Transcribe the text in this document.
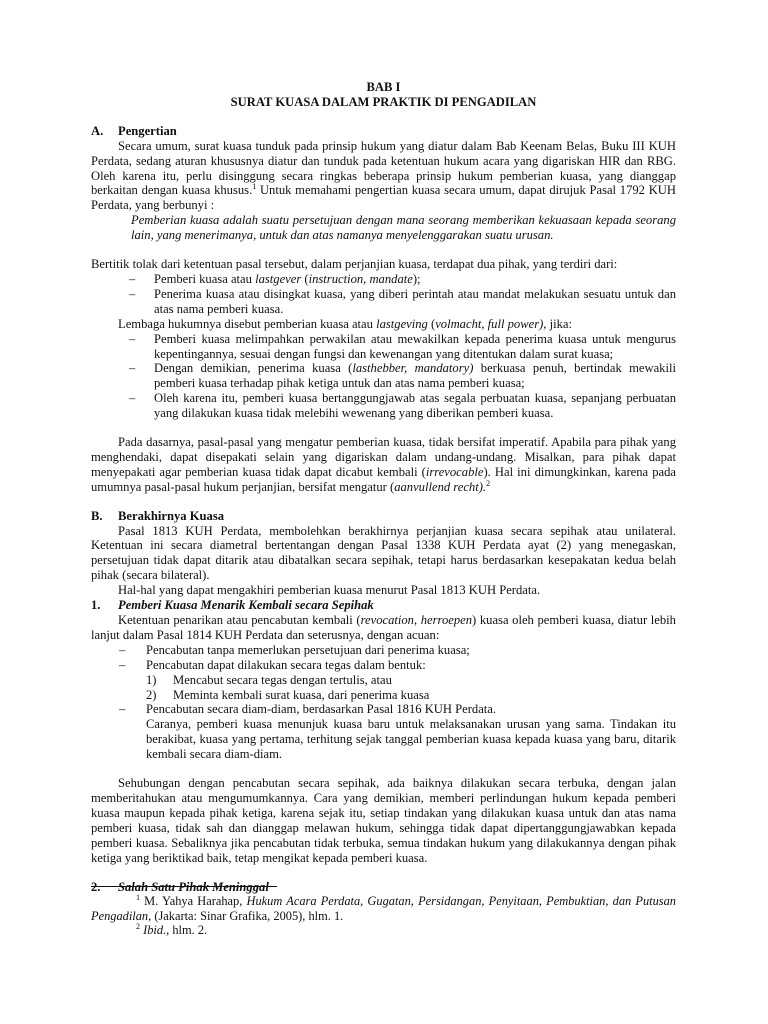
BAB I
SURAT KUASA DALAM PRAKTIK DI PENGADILAN
A.	Pengertian

Secara umum, surat kuasa tunduk pada prinsip hukum yang diatur dalam Bab Keenam Belas, Buku III KUH Perdata, sedang aturan khususnya diatur dan tunduk pada ketentuan hukum acara yang digariskan HIR dan RBG. Oleh karena itu, perlu disinggung secara ringkas beberapa prinsip hukum pemberian kuasa, yang dianggap berkaitan dengan kuasa khusus.$^1$ Untuk memahami pengertian kuasa secara umum, dapat dirujuk Pasal 1792 KUH Perdata, yang berbunyi :

Pemberian kuasa adalah suatu persetujuan dengan mana seorang memberikan kekuasaan kepada seorang lain, yang menerimanya, untuk dan atas namanya menyelenggarakan suatu urusan.

Bertitik tolak dari ketentuan pasal tersebut, dalam perjanjian kuasa, terdapat dua pihak, yang terdiri dari:

–	Pemberi kuasa atau lastgever (instruction, mandate);
–	Penerima kuasa atau disingkat kuasa, yang diberi perintah atau mandat melakukan sesuatu untuk dan atas nama pemberi kuasa.

Lembaga hukumnya disebut pemberian kuasa atau lastgeving (volmacht, full power), jika:

–	Pemberi kuasa melimpahkan perwakilan atau mewakilkan kepada penerima kuasa untuk mengurus kepentingannya, sesuai dengan fungsi dan kewenangan yang ditentukan dalam surat kuasa;
–	Dengan demikian, penerima kuasa (lasthebber, mandatory) berkuasa penuh, bertindak mewakili pemberi kuasa terhadap pihak ketiga untuk dan atas nama pemberi kuasa;
–	Oleh karena itu, pemberi kuasa bertanggungjawab atas segala perbuatan kuasa, sepanjang perbuatan yang dilakukan kuasa tidak melebihi wewenang yang diberikan pemberi kuasa.

Pada dasarnya, pasal-pasal yang mengatur pemberian kuasa, tidak bersifat imperatif. Apabila para pihak yang menghendaki, dapat disepakati selain yang digariskan dalam undang-undang. Misalkan, para pihak dapat menyepakati agar pemberian kuasa tidak dapat dicabut kembali (irrevocable). Hal ini dimungkinkan, karena pada umumnya pasal-pasal hukum perjanjian, bersifat mengatur (aanvullend recht).$^2$

B.	Berakhirnya Kuasa

Pasal 1813 KUH Perdata, membolehkan berakhirnya perjanjian kuasa secara sepihak atau unilateral. Ketentuan ini secara diametral bertentangan dengan Pasal 1338 KUH Perdata ayat (2) yang menegaskan, persetujuan tidak dapat ditarik atau dibatalkan secara sepihak, tetapi harus berdasarkan kesepakatan kedua belah pihak (secara bilateral).

Hal-hal yang dapat mengakhiri pemberian kuasa menurut Pasal 1813 KUH Perdata.

1.	Pemberi Kuasa Menarik Kembali secara Sepihak

Ketentuan penarikan atau pencabutan kembali (revocation, herroepen) kuasa oleh pemberi kuasa, diatur lebih lanjut dalam Pasal 1814 KUH Perdata dan seterusnya, dengan acuan:

–	Pencabutan tanpa memerlukan persetujuan dari penerima kuasa;
–	Pencabutan dapat dilakukan secara tegas dalam bentuk:
1)	Mencabut secara tegas dengan tertulis, atau
2)	Meminta kembali surat kuasa, dari penerima kuasa
–	Pencabutan secara diam-diam, berdasarkan Pasal 1816 KUH Perdata.

Caranya, pemberi kuasa menunjuk kuasa baru untuk melaksanakan urusan yang sama. Tindakan itu berakibat, kuasa yang pertama, terhitung sejak tanggal pemberian kuasa kepada kuasa yang baru, ditarik kembali secara diam-diam.

Sehubungan dengan pencabutan secara sepihak, ada baiknya dilakukan secara terbuka, dengan jalan memberitahukan atau mengumumkannya. Cara yang demikian, memberi perlindungan hukum kepada pemberi kuasa maupun kepada pihak ketiga, karena sejak itu, setiap tindakan yang dilakukan kuasa untuk dan atas nama pemberi kuasa, tidak sah dan dianggap melawan hukum, sehingga tidak dapat dipertanggungjawabkan kepada pemberi kuasa. Sebaliknya jika pencabutan tidak terbuka, semua tindakan hukum yang dilakukannya dengan pihak ketiga yang beriktikad baik, tetap mengikat kepada pemberi kuasa.

2.	Salah Satu Pihak Meninggal

$^1$ M. Yahya Harahap, Hukum Acara Perdata, Gugatan, Persidangan, Penyitaan, Pembuktian, dan Putusan Pengadilan, (Jakarta: Sinar Grafika, 2005), hlm. 1.

$^2$ Ibid., hlm. 2.
